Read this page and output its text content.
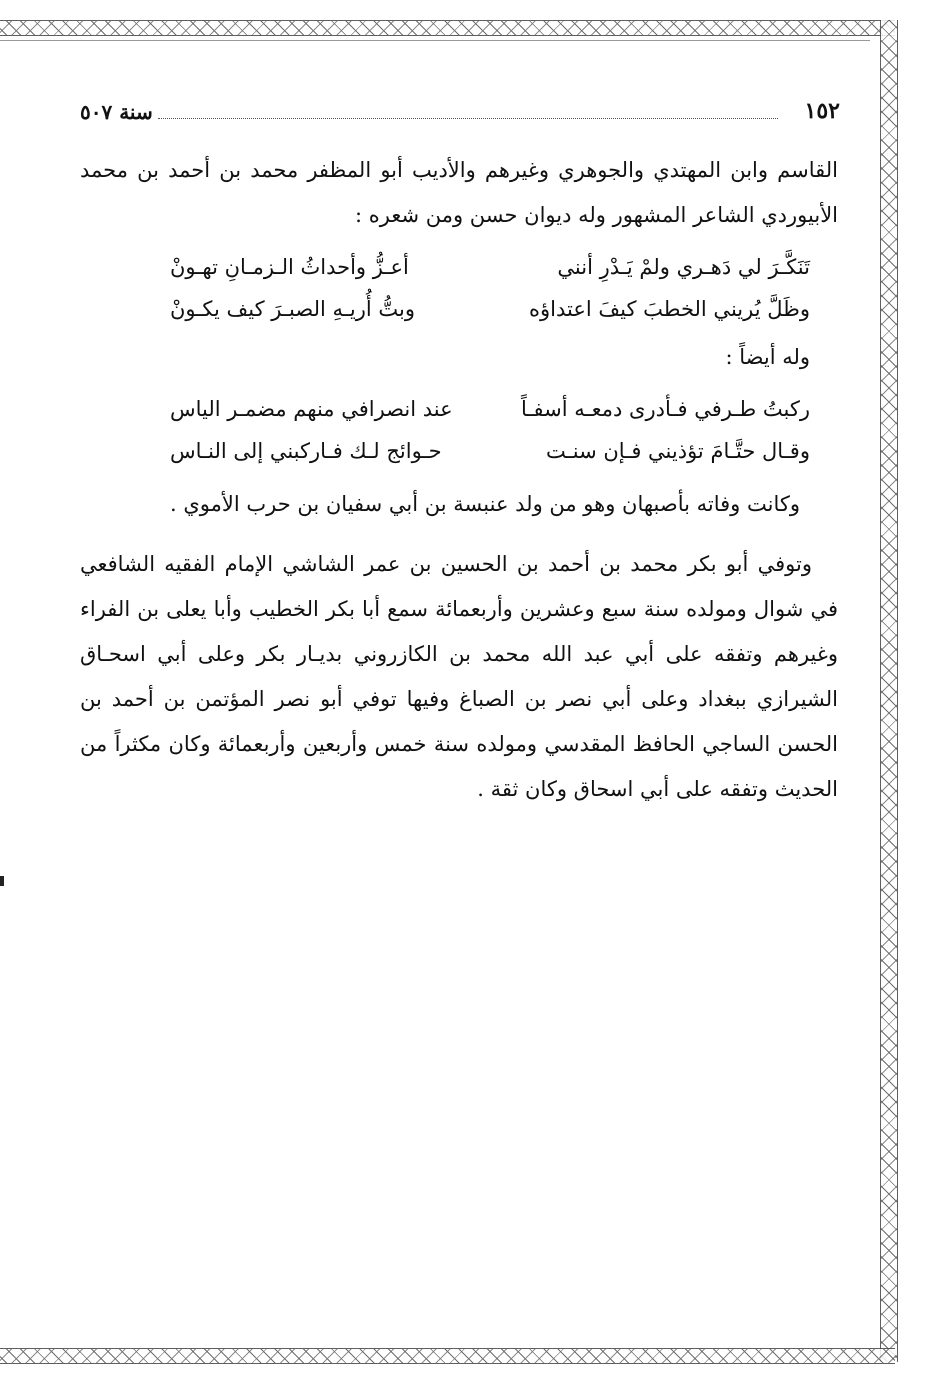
١٥٢
سنة ٥٠٧

القاسم وابن المهتدي والجوهري وغيرهم والأديب أبو المظفر محمد بن أحمد بن محمد الأبيوردي الشاعر المشهور وله ديوان حسن ومن شعره :

تَنَكَّـرَ لي دَهـري ولمْ يَـدْرِ أنني
أعـزُّ وأحداثُ الـزمـانِ تهـونْ
وظَلَّ يُريني الخطبَ كيفَ اعتداؤه
وبتُّ أُريـهِ الصبـرَ كيف يكـونْ

وله أيضاً :

ركبتُ طـرفي فـأدرى دمعـه أسفـاً
عند انصرافي منهم مضمـر الياس
وقـال حتَّـامَ تؤذيني فـإن سنـت
حـوائج لـك فـاركبني إلى النـاس

وكانت وفاته بأصبهان وهو من ولد عنبسة بن أبي سفيان بن حرب الأموي .

وتوفي أبو بكر محمد بن أحمد بن الحسين بن عمر الشاشي الإمام الفقيه الشافعي في شوال ومولده سنة سبع وعشرين وأربعمائة سمع أبا بكر الخطيب وأبا يعلى بن الفراء وغيرهم وتفقه على أبي عبد الله محمد بن الكازروني بديـار بكر وعلى أبي اسحـاق الشيرازي ببغداد وعلى أبي نصر بن الصباغ وفيها توفي أبو نصر المؤتمن بن أحمد بن الحسن الساجي الحافظ المقدسي ومولده سنة خمس وأربعين وأربعمائة وكان مكثراً من الحديث وتفقه على أبي اسحاق وكان ثقة .
